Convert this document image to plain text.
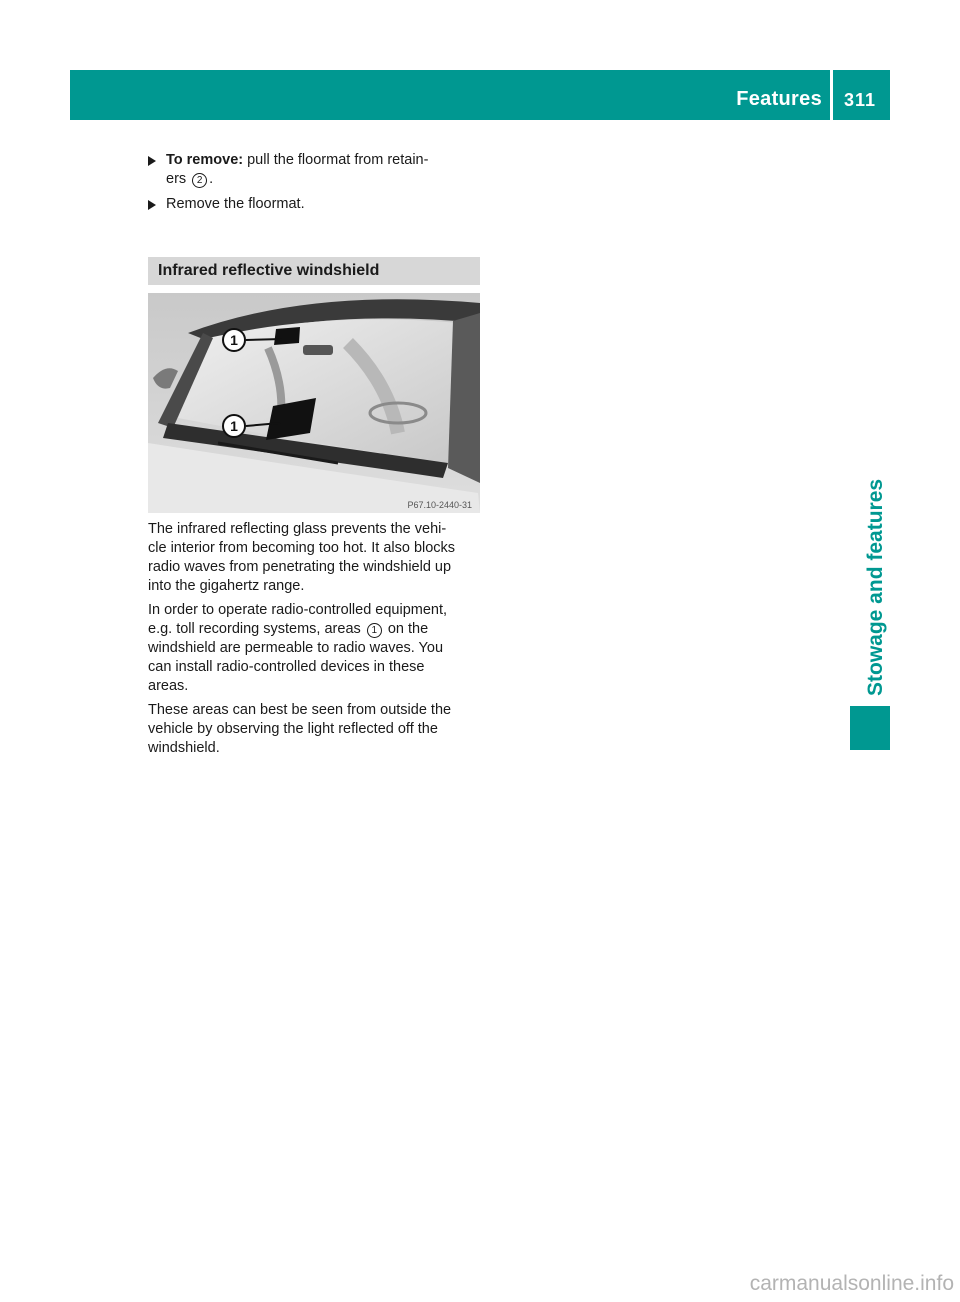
Features 311
Stowage and features
To remove: pull the floormat from retain-
ers 2 .
Remove the floormat.
Infrared reflective windshield
1
1
P67.10-2440-31

The infrared reflecting glass prevents the vehi-
cle interior from becoming too hot. It also blocks
radio waves from penetrating the windshield up
into the gigahertz range.

In order to operate radio-controlled equipment,
e.g. toll recording systems, areas 1 on the
windshield are permeable to radio waves. You
can install radio-controlled devices in these
areas.

These areas can best be seen from outside the
vehicle by observing the light reflected off the
windshield.

carmanualsonline.info
